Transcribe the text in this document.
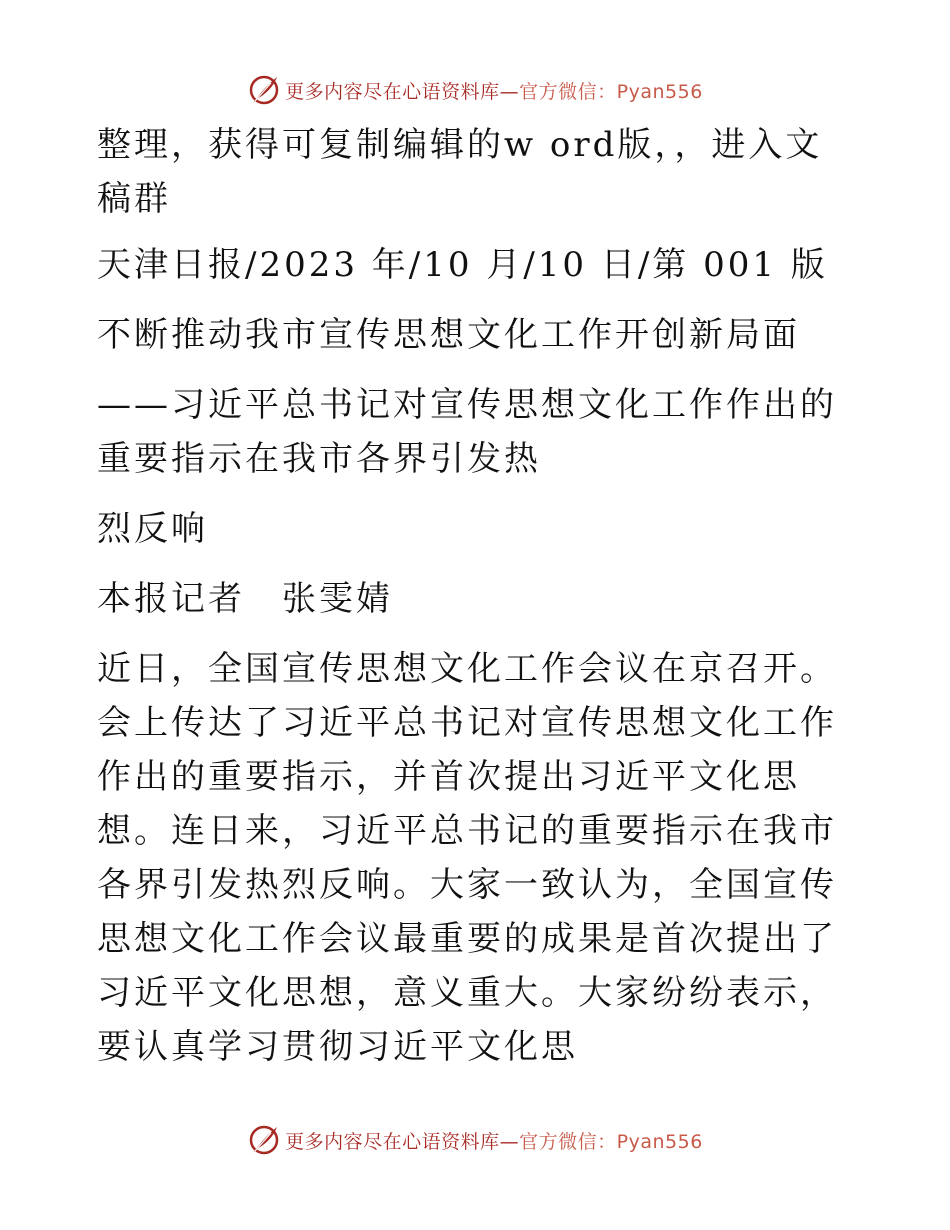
更多内容尽在心语资料库— 官方微信：Pyan556

整理，获得可复制编辑的w ord版，，进入文稿群

天津日报/2023 年/10 月/10 日/第 001 版

不断推动我市宣传思想文化工作开创新局面

——习近平总书记对宣传思想文化工作作出的重要指示在我市各界引发热

烈反响

本报记者　张雯婧

近日，全国宣传思想文化工作会议在京召开。会上传达了习近平总书记对宣传思想文化工作作出的重要指示，并首次提出习近平文化思想。连日来，习近平总书记的重要指示在我市各界引发热烈反响。大家一致认为，全国宣传思想文化工作会议最重要的成果是首次提出了习近平文化思想，意义重大。大家纷纷表示，要认真学习贯彻习近平文化思

更多内容尽在心语资料库— 官方微信：Pyan556
